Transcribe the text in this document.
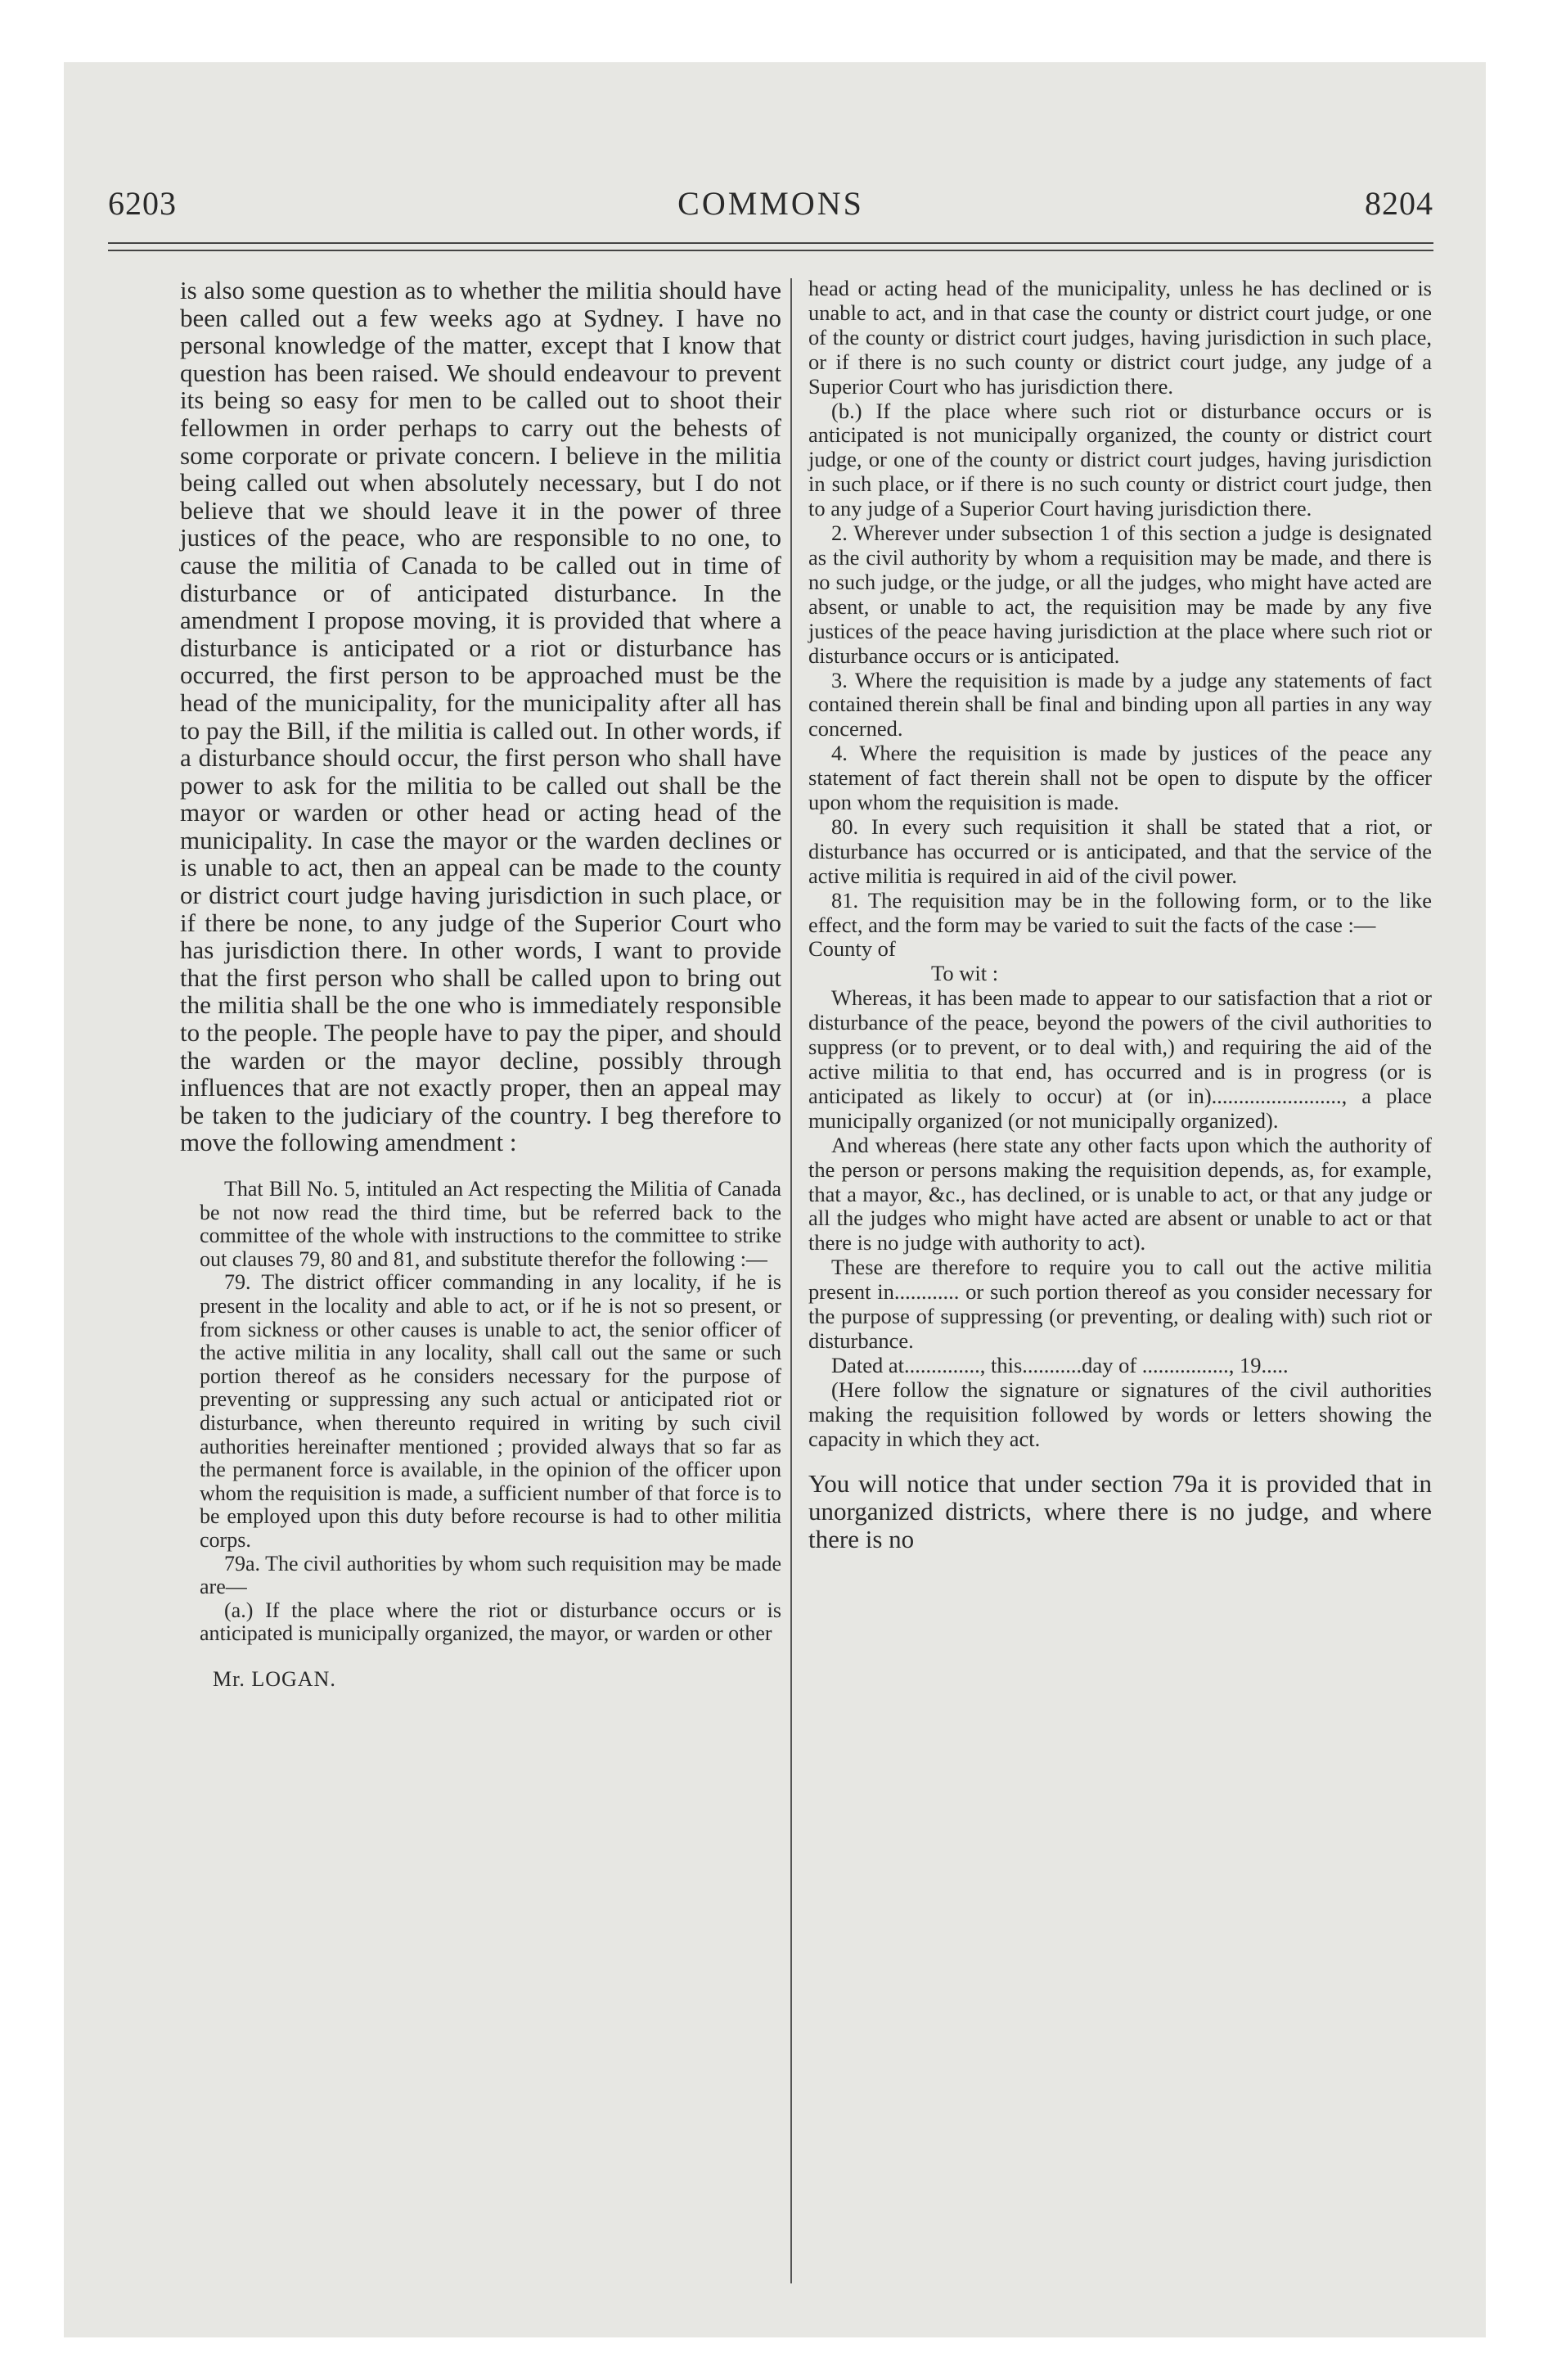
6203	COMMONS	8204

is also some question as to whether the militia should have been called out a few weeks ago at Sydney. I have no personal knowledge of the matter, except that I know that question has been raised. We should endeavour to prevent its being so easy for men to be called out to shoot their fellowmen in order perhaps to carry out the behests of some corporate or private concern. I believe in the militia being called out when absolutely necessary, but I do not believe that we should leave it in the power of three justices of the peace, who are responsible to no one, to cause the militia of Canada to be called out in time of disturbance or of anticipated disturbance. In the amendment I propose moving, it is provided that where a disturbance is anticipated or a riot or disturbance has occurred, the first person to be approached must be the head of the municipality, for the municipality after all has to pay the Bill, if the militia is called out. In other words, if a disturbance should occur, the first person who shall have power to ask for the militia to be called out shall be the mayor or warden or other head or acting head of the municipality. In case the mayor or the warden declines or is unable to act, then an appeal can be made to the county or district court judge having jurisdiction in such place, or if there be none, to any judge of the Superior Court who has jurisdiction there. In other words, I want to provide that the first person who shall be called upon to bring out the militia shall be the one who is immediately responsible to the people. The people have to pay the piper, and should the warden or the mayor decline, possibly through influences that are not exactly proper, then an appeal may be taken to the judiciary of the country. I beg therefore to move the following amendment :

That Bill No. 5, intituled an Act respecting the Militia of Canada be not now read the third time, but be referred back to the committee of the whole with instructions to the committee to strike out clauses 79, 80 and 81, and substitute therefor the following :—

79. The district officer commanding in any locality, if he is present in the locality and able to act, or if he is not so present, or from sickness or other causes is unable to act, the senior officer of the active militia in any locality, shall call out the same or such portion thereof as he considers necessary for the purpose of preventing or suppressing any such actual or anticipated riot or disturbance, when thereunto required in writing by such civil authorities hereinafter mentioned ; provided always that so far as the permanent force is available, in the opinion of the officer upon whom the requisition is made, a sufficient number of that force is to be employed upon this duty before recourse is had to other militia corps.

79a. The civil authorities by whom such requisition may be made are—

(a.) If the place where the riot or disturbance occurs or is anticipated is municipally organized, the mayor, or warden or other

Mr. LOGAN.

head or acting head of the municipality, unless he has declined or is unable to act, and in that case the county or district court judge, or one of the county or district court judges, having jurisdiction in such place, or if there is no such county or district court judge, any judge of a Superior Court who has jurisdiction there.

(b.) If the place where such riot or disturbance occurs or is anticipated is not municipally organized, the county or district court judge, or one of the county or district court judges, having jurisdiction in such place, or if there is no such county or district court judge, then to any judge of a Superior Court having jurisdiction there.

2. Wherever under subsection 1 of this section a judge is designated as the civil authority by whom a requisition may be made, and there is no such judge, or the judge, or all the judges, who might have acted are absent, or unable to act, the requisition may be made by any five justices of the peace having jurisdiction at the place where such riot or disturbance occurs or is anticipated.

3. Where the requisition is made by a judge any statements of fact contained therein shall be final and binding upon all parties in any way concerned.

4. Where the requisition is made by justices of the peace any statement of fact therein shall not be open to dispute by the officer upon whom the requisition is made.

80. In every such requisition it shall be stated that a riot, or disturbance has occurred or is anticipated, and that the service of the active militia is required in aid of the civil power.

81. The requisition may be in the following form, or to the like effect, and the form may be varied to suit the facts of the case :—

County of

To wit :

Whereas, it has been made to appear to our satisfaction that a riot or disturbance of the peace, beyond the powers of the civil authorities to suppress (or to prevent, or to deal with,) and requiring the aid of the active militia to that end, has occurred and is in progress (or is anticipated as likely to occur) at (or in)........................, a place municipally organized (or not municipally organized).

And whereas (here state any other facts upon which the authority of the person or persons making the requisition depends, as, for example, that a mayor, &c., has declined, or is unable to act, or that any judge or all the judges who might have acted are absent or unable to act or that there is no judge with authority to act).

These are therefore to require you to call out the active militia present in............ or such portion thereof as you consider necessary for the purpose of suppressing (or preventing, or dealing with) such riot or disturbance.

Dated at.............., this...........day of ................, 19.....

(Here follow the signature or signatures of the civil authorities making the requisition followed by words or letters showing the capacity in which they act.

You will notice that under section 79a it is provided that in unorganized districts, where there is no judge, and where there is no
